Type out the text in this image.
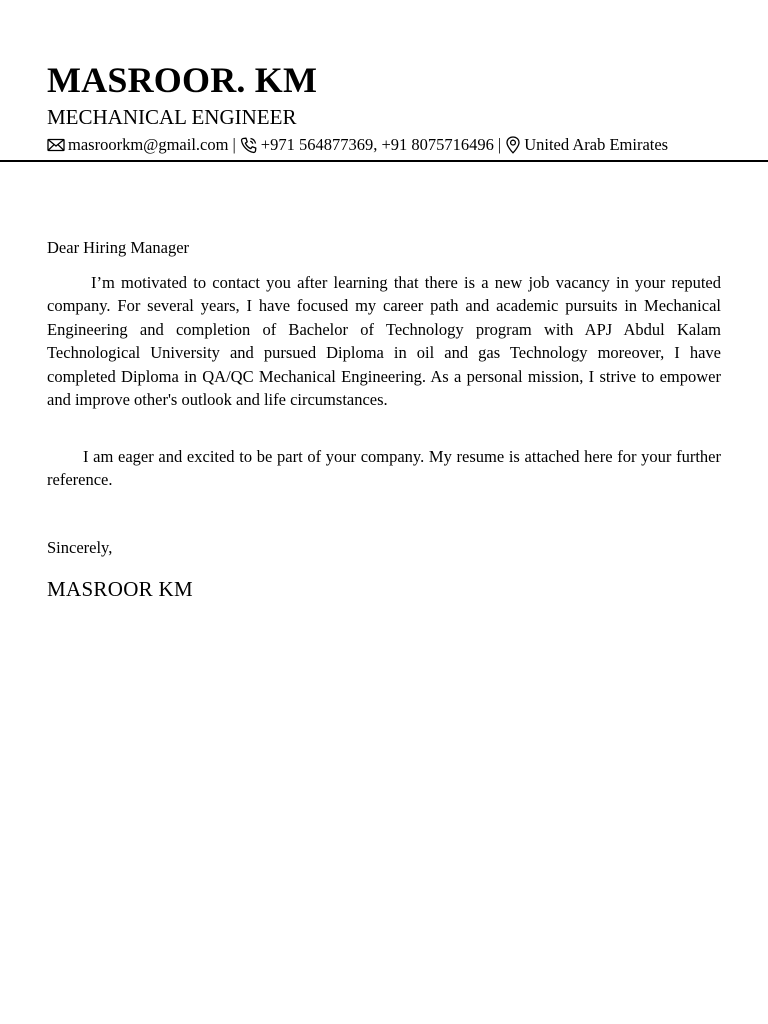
MASROOR. KM
MECHANICAL ENGINEER
masroorkm@gmail.com | +971 564877369, +91 8075716496 | United Arab Emirates

Dear Hiring Manager

I’m motivated to contact you after learning that there is a new job vacancy in your reputed company. For several years, I have focused my career path and academic pursuits in Mechanical Engineering and completion of Bachelor of Technology program with APJ Abdul Kalam Technological University and pursued Diploma in oil and gas Technology moreover, I have completed Diploma in QA/QC Mechanical Engineering. As a personal mission, I strive to empower and improve other's outlook and life circumstances.

I am eager and excited to be part of your company. My resume is attached here for your further reference.

Sincerely,

MASROOR KM
